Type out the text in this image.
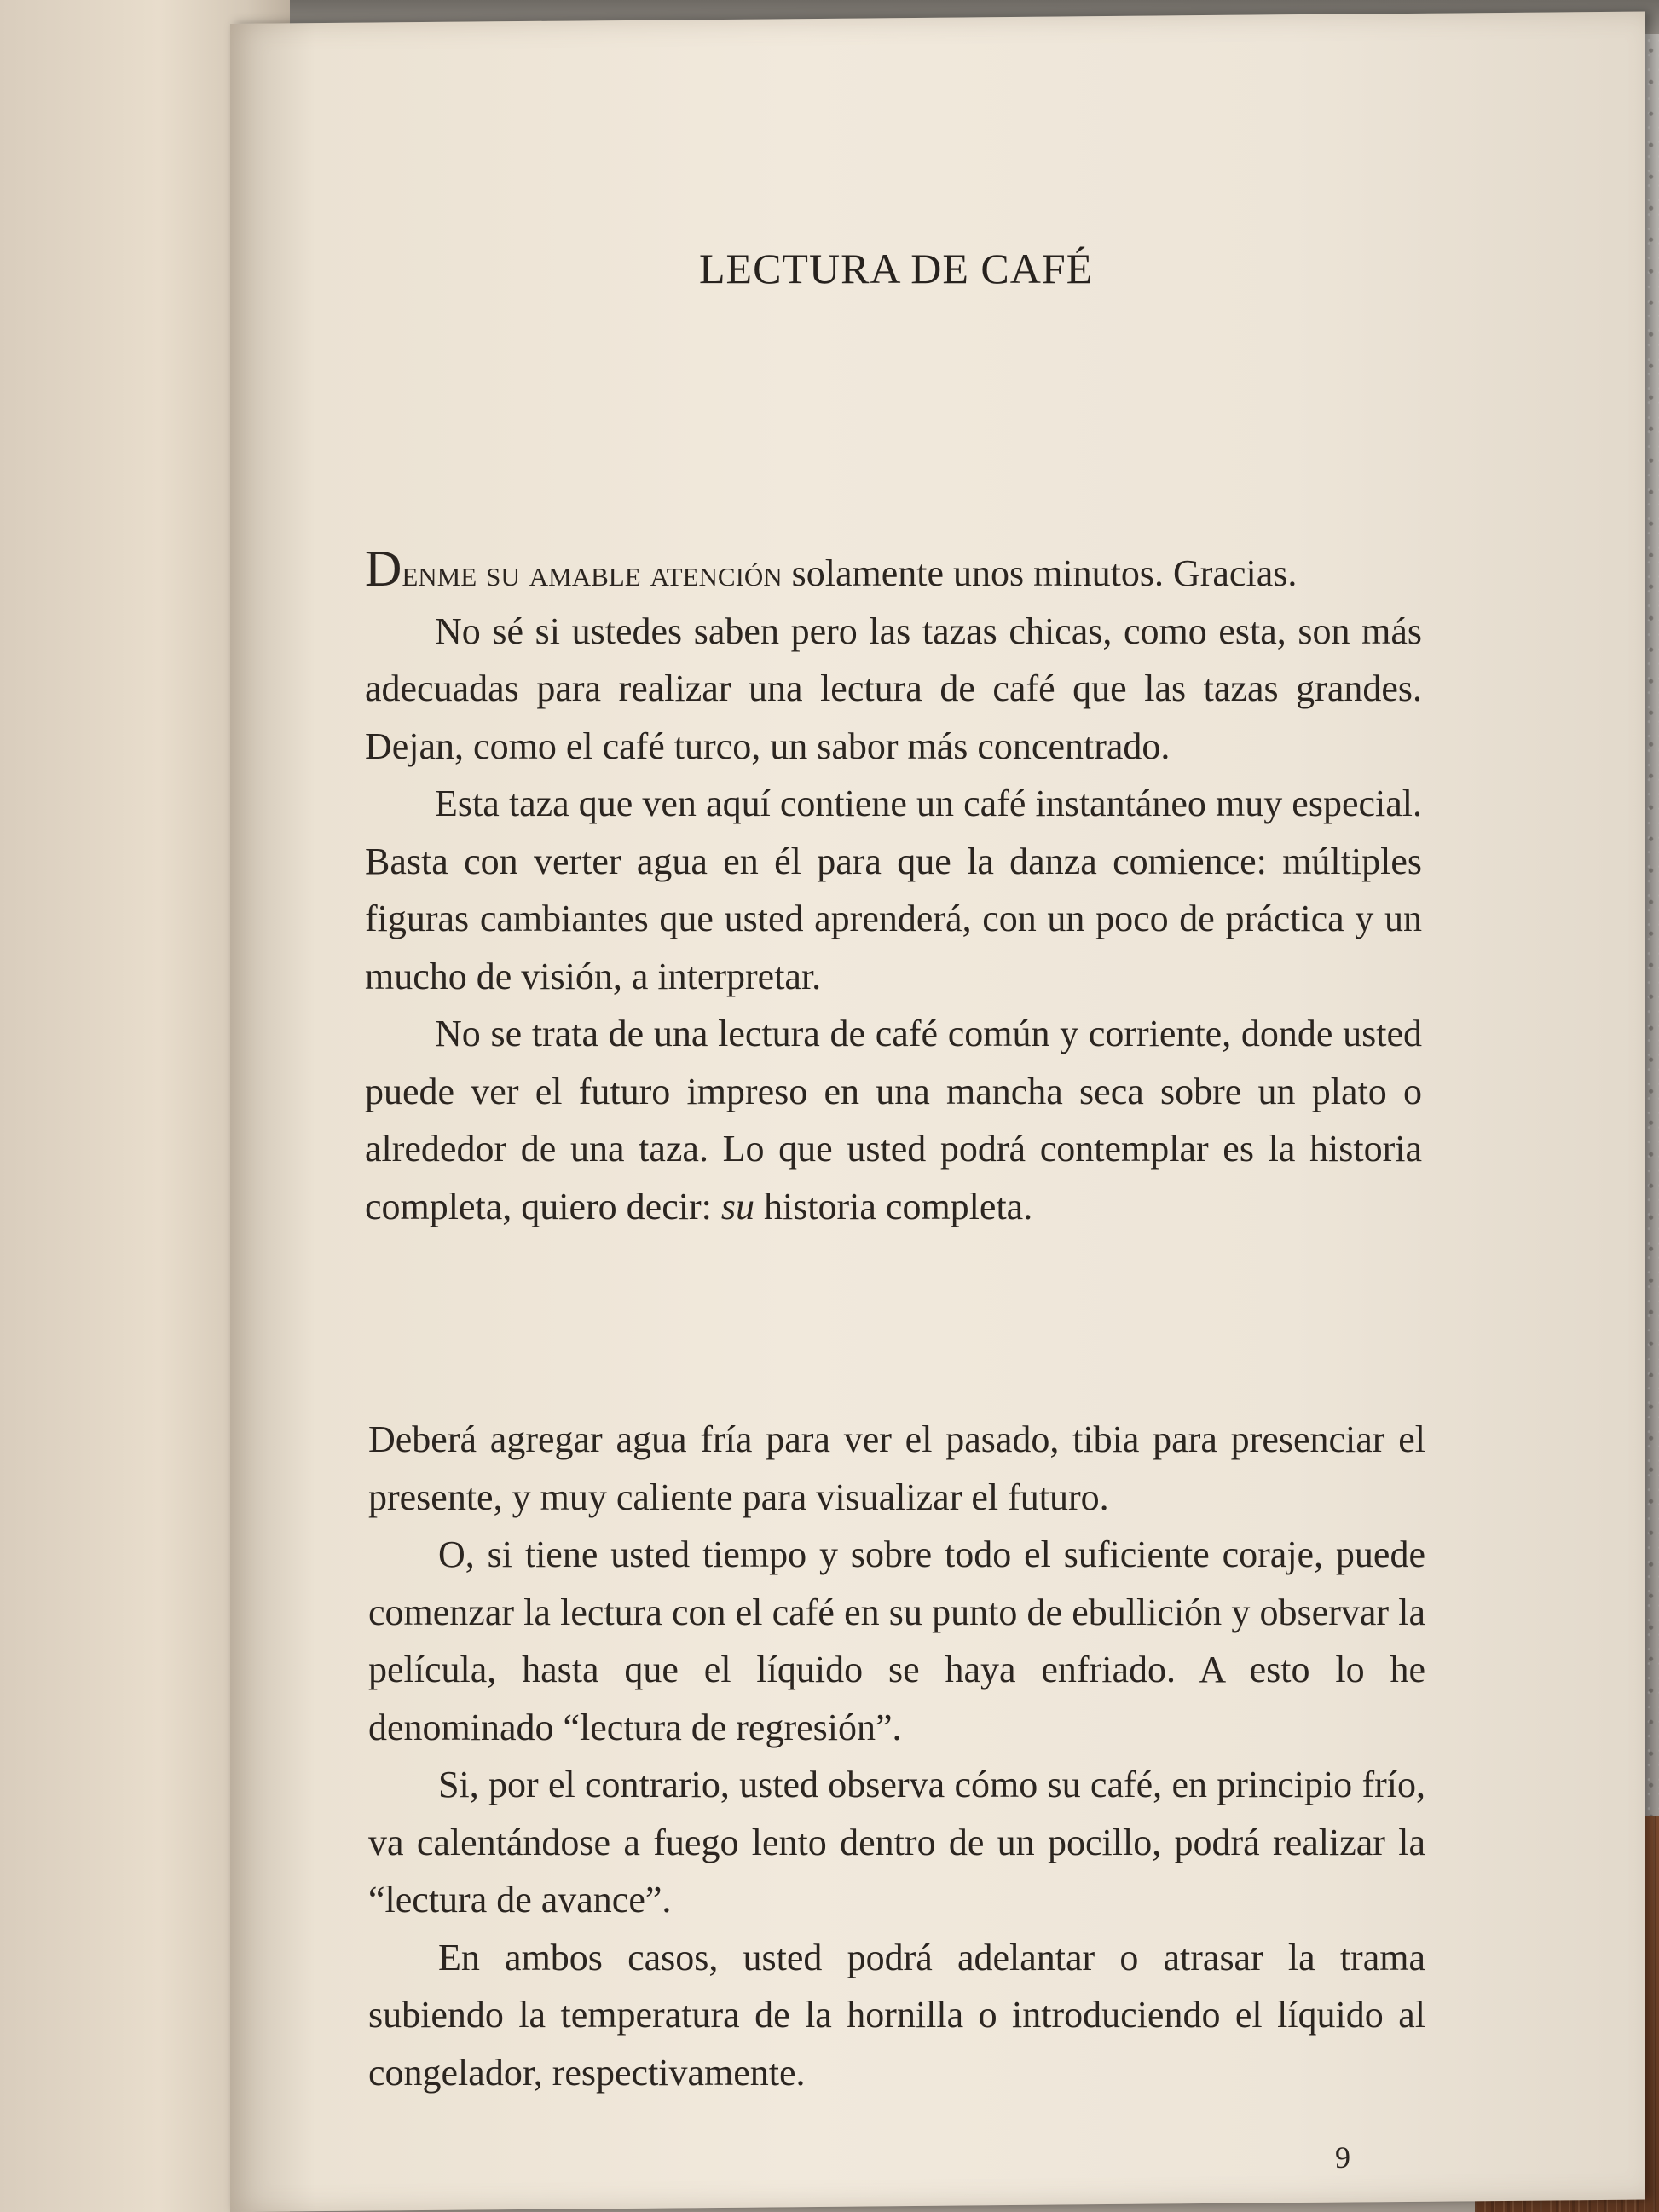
LECTURA DE CAFÉ

Denme su amable atención solamente unos minutos. Gracias.

No sé si ustedes saben pero las tazas chicas, como esta, son más adecuadas para realizar una lectura de café que las tazas grandes. Dejan, como el café turco, un sabor más concentrado.

Esta taza que ven aquí contiene un café instantáneo muy especial. Basta con verter agua en él para que la danza comience: múltiples figuras cambiantes que usted aprenderá, con un poco de práctica y un mucho de visión, a interpretar.

No se trata de una lectura de café común y corriente, donde usted puede ver el futuro impreso en una mancha seca sobre un plato o alrededor de una taza. Lo que usted podrá contemplar es la historia completa, quiero decir: su historia completa.

Deberá agregar agua fría para ver el pasado, tibia para presenciar el presente, y muy caliente para visualizar el futuro.

O, si tiene usted tiempo y sobre todo el suficiente coraje, puede comenzar la lectura con el café en su punto de ebullición y observar la película, hasta que el líquido se haya enfriado. A esto lo he denominado “lectura de regresión”.

Si, por el contrario, usted observa cómo su café, en principio frío, va calentándose a fuego lento dentro de un pocillo, podrá realizar la “lectura de avance”.

En ambos casos, usted podrá adelantar o atrasar la trama subiendo la temperatura de la hornilla o introduciendo el líquido al congelador, respectivamente.

9
